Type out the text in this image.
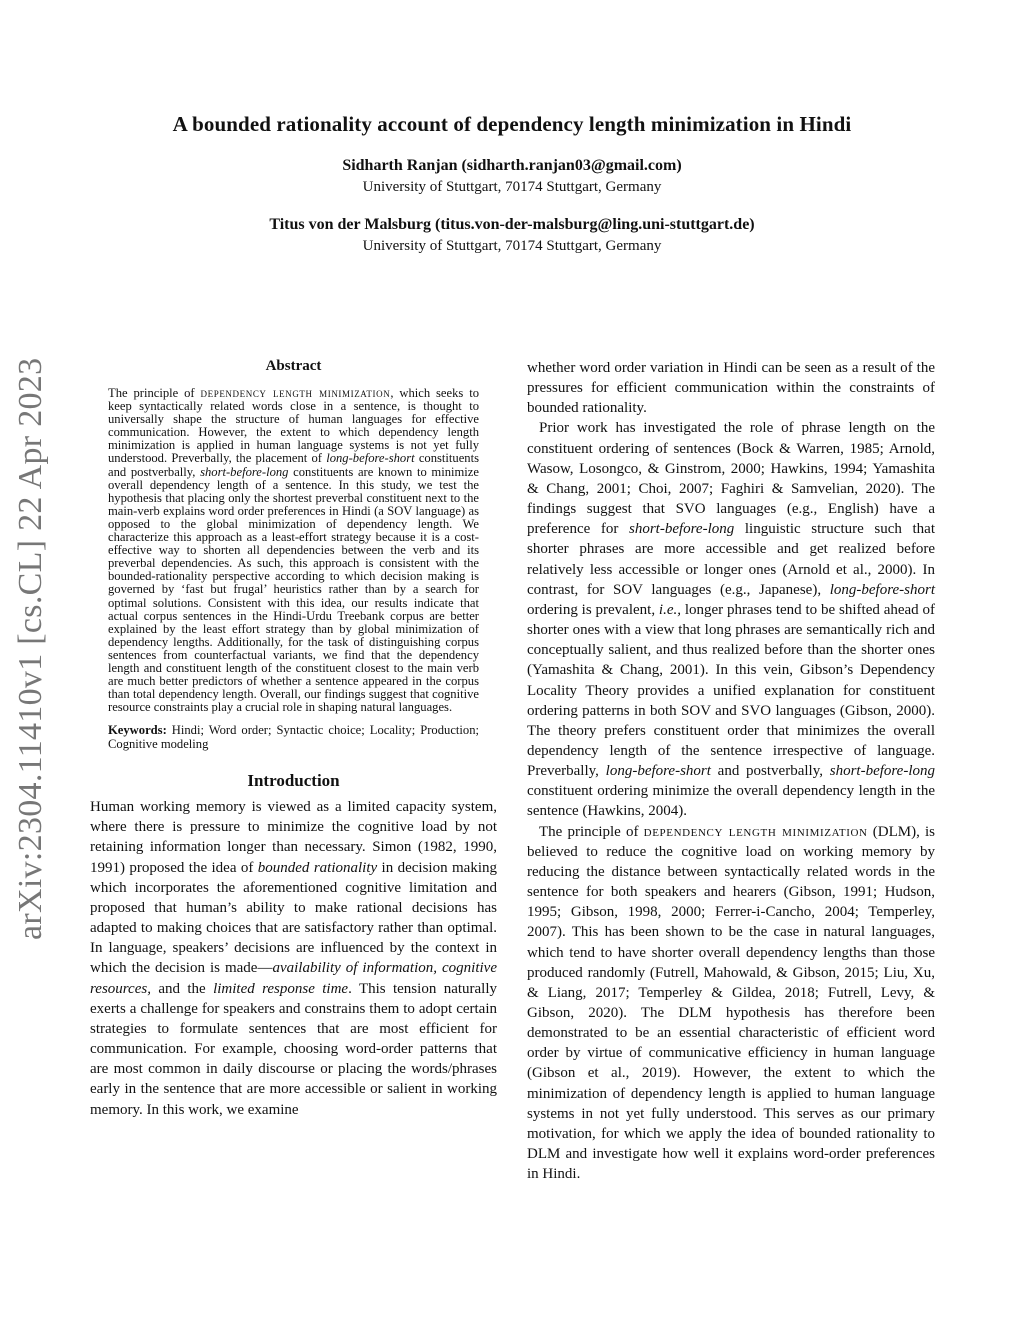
A bounded rationality account of dependency length minimization in Hindi
Sidharth Ranjan (sidharth.ranjan03@gmail.com)
University of Stuttgart, 70174 Stuttgart, Germany
Titus von der Malsburg (titus.von-der-malsburg@ling.uni-stuttgart.de)
University of Stuttgart, 70174 Stuttgart, Germany
arXiv:2304.11410v1 [cs.CL] 22 Apr 2023	Abstract

The principle of dependency length minimization, which seeks to keep syntactically related words close in a sentence, is thought to universally shape the structure of human languages for effective communication. However, the extent to which dependency length minimization is applied in human language systems is not yet fully understood. Preverbally, the placement of long-before-short constituents and postverbally, short-before-long constituents are known to minimize overall dependency length of a sentence. In this study, we test the hypothesis that placing only the shortest preverbal constituent next to the main-verb explains word order preferences in Hindi (a SOV language) as opposed to the global minimization of dependency length. We characterize this approach as a least-effort strategy because it is a cost-effective way to shorten all dependencies between the verb and its preverbal dependencies. As such, this approach is consistent with the bounded-rationality perspective according to which decision making is governed by ‘fast but frugal’ heuristics rather than by a search for optimal solutions. Consistent with this idea, our results indicate that actual corpus sentences in the Hindi-Urdu Treebank corpus are better explained by the least effort strategy than by global minimization of dependency lengths. Additionally, for the task of distinguishing corpus sentences from counterfactual variants, we find that the dependency length and constituent length of the constituent closest to the main verb are much better predictors of whether a sentence appeared in the corpus than total dependency length. Overall, our findings suggest that cognitive resource constraints play a crucial role in shaping natural languages.

Keywords: Hindi; Word order; Syntactic choice; Locality; Production; Cognitive modeling

Introduction

Human working memory is viewed as a limited capacity system, where there is pressure to minimize the cognitive load by not retaining information longer than necessary. Simon (1982, 1990, 1991) proposed the idea of bounded rationality in decision making which incorporates the aforementioned cognitive limitation and proposed that human’s ability to make rational decisions has adapted to making choices that are satisfactory rather than optimal. In language, speakers’ decisions are influenced by the context in which the decision is made—availability of information, cognitive resources, and the limited response time. This tension naturally exerts a challenge for speakers and constrains them to adopt certain strategies to formulate sentences that are most efficient for communication. For example, choosing word-order patterns that are most common in daily discourse or placing the words/phrases early in the sentence that are more accessible or salient in working memory. In this work, we examine

whether word order variation in Hindi can be seen as a result of the pressures for efficient communication within the constraints of bounded rationality.

Prior work has investigated the role of phrase length on the constituent ordering of sentences (Bock & Warren, 1985; Arnold, Wasow, Losongco, & Ginstrom, 2000; Hawkins, 1994; Yamashita & Chang, 2001; Choi, 2007; Faghiri & Samvelian, 2020). The findings suggest that SVO languages (e.g., English) have a preference for short-before-long linguistic structure such that shorter phrases are more accessible and get realized before relatively less accessible or longer ones (Arnold et al., 2000). In contrast, for SOV languages (e.g., Japanese), long-before-short ordering is prevalent, i.e., longer phrases tend to be shifted ahead of shorter ones with a view that long phrases are semantically rich and conceptually salient, and thus realized before than the shorter ones (Yamashita & Chang, 2001). In this vein, Gibson’s Dependency Locality Theory provides a unified explanation for constituent ordering patterns in both SOV and SVO languages (Gibson, 2000). The theory prefers constituent order that minimizes the overall dependency length of the sentence irrespective of language. Preverbally, long-before-short and postverbally, short-before-long constituent ordering minimize the overall dependency length in the sentence (Hawkins, 2004).

The principle of dependency length minimization (DLM), is believed to reduce the cognitive load on working memory by reducing the distance between syntactically related words in the sentence for both speakers and hearers (Gibson, 1991; Hudson, 1995; Gibson, 1998, 2000; Ferrer-i-Cancho, 2004; Temperley, 2007). This has been shown to be the case in natural languages, which tend to have shorter overall dependency lengths than those produced randomly (Futrell, Mahowald, & Gibson, 2015; Liu, Xu, & Liang, 2017; Temperley & Gildea, 2018; Futrell, Levy, & Gibson, 2020). The DLM hypothesis has therefore been demonstrated to be an essential characteristic of efficient word order by virtue of communicative efficiency in human language (Gibson et al., 2019). However, the extent to which the minimization of dependency length is applied to human language systems in not yet fully understood. This serves as our primary motivation, for which we apply the idea of bounded rationality to DLM and investigate how well it explains word-order preferences in Hindi.
